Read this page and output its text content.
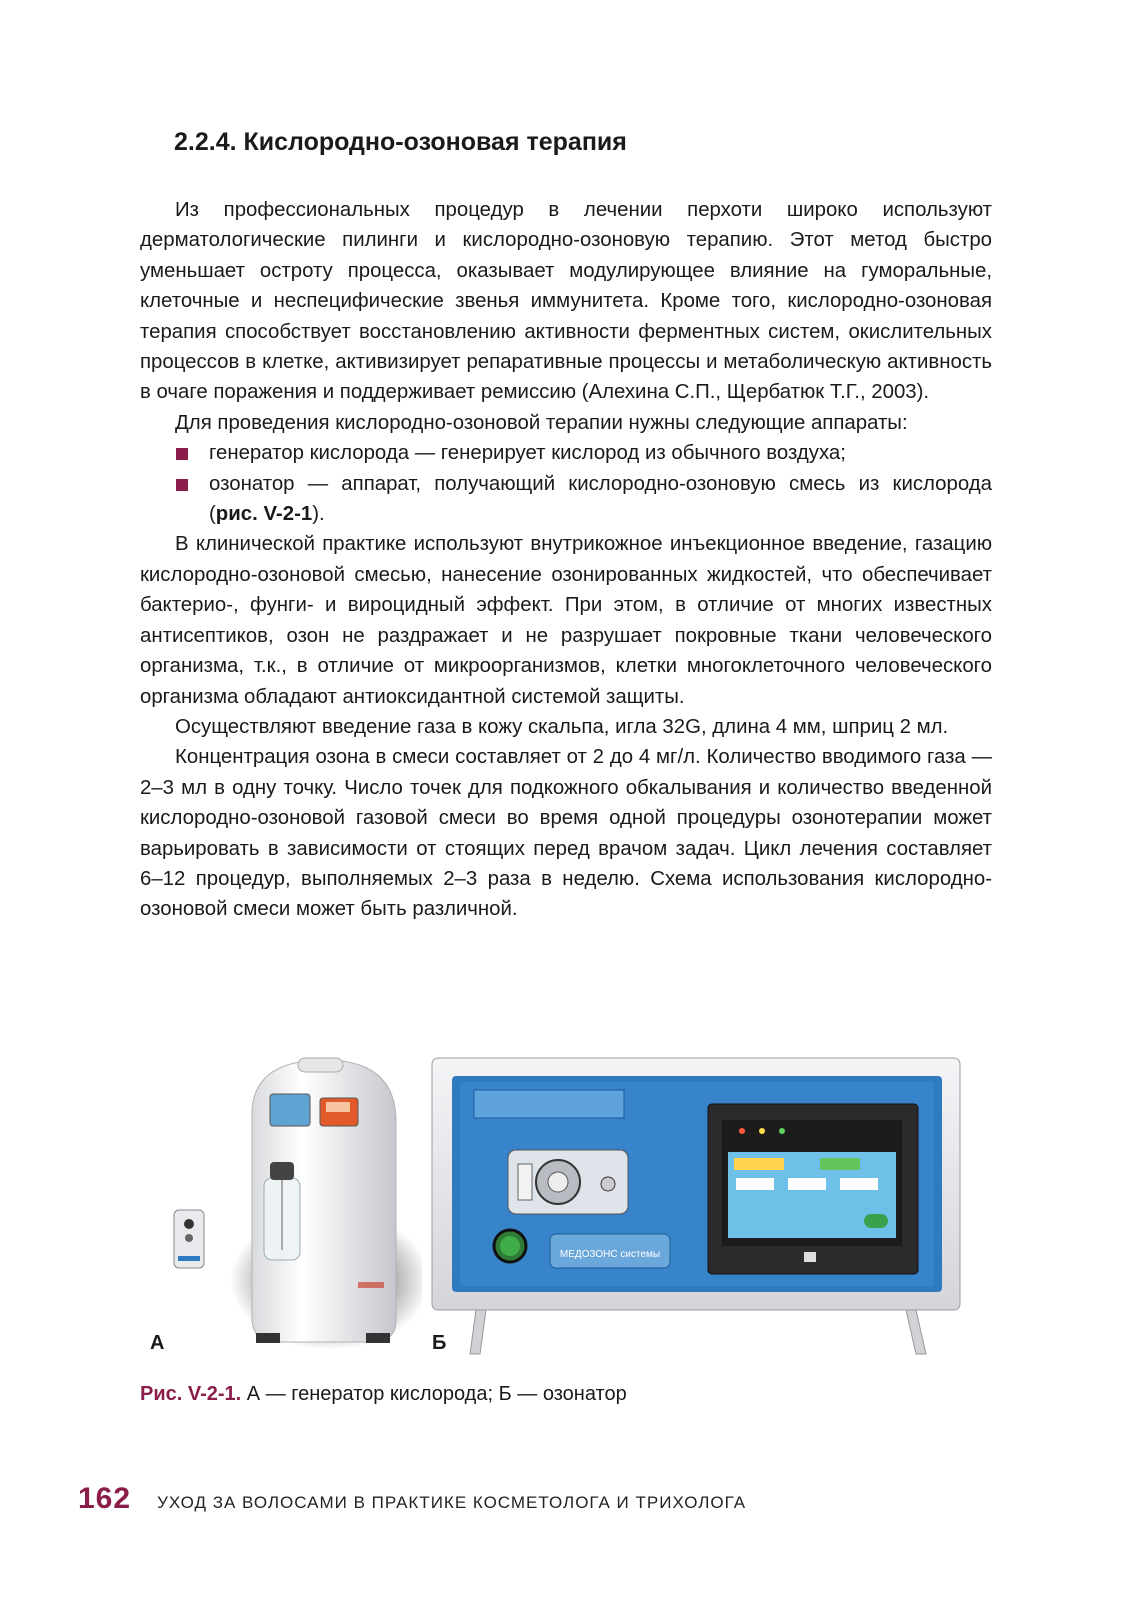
2.2.4. Кислородно-озоновая терапия

Из профессиональных процедур в лечении перхоти широко используют дерматологические пилинги и кислородно-озоновую терапию. Этот метод быстро уменьшает остроту процесса, оказывает модулирующее влияние на гуморальные, клеточные и неспецифические звенья иммунитета. Кроме того, кислородно-озоновая терапия способствует восстановлению активности ферментных систем, окислительных процессов в клетке, активизирует репаративные процессы и метаболическую активность в очаге поражения и поддерживает ремиссию (Алехина С.П., Щербатюк Т.Г., 2003).

Для проведения кислородно-озоновой терапии нужны следующие аппараты:

генератор кислорода — генерирует кислород из обычного воздуха;
озонатор — аппарат, получающий кислородно-озоновую смесь из кислорода (рис. V-2-1).

В клинической практике используют внутрикожное инъекционное введение, газацию кислородно-озоновой смесью, нанесение озонированных жидкостей, что обеспечивает бактерио-, фунги- и вироцидный эффект. При этом, в отличие от многих известных антисептиков, озон не раздражает и не разрушает покровные ткани человеческого организма, т.к., в отличие от микроорганизмов, клетки многоклеточного человеческого организма обладают антиоксидантной системой защиты.

Осуществляют введение газа в кожу скальпа, игла 32G, длина 4 мм, шприц 2 мл.

Концентрация озона в смеси составляет от 2 до 4 мг/л. Количество вводимого газа — 2–3 мл в одну точку. Число точек для подкожного обкалывания и количество введенной кислородно-озоновой газовой смеси во время одной процедуры озонотерапии может варьировать в зависимости от стоящих перед врачом задач. Цикл лечения составляет 6–12 процедур, выполняемых 2–3 раза в неделю. Схема использования кислородно-озоновой смеси может быть различной.

А
МЕДОЗОНС системы
Б
Рис. V-2-1. А — генератор кислорода; Б — озонатор
162 УХОД ЗА ВОЛОСАМИ В ПРАКТИКЕ КОСМЕТОЛОГА И ТРИХОЛОГА
